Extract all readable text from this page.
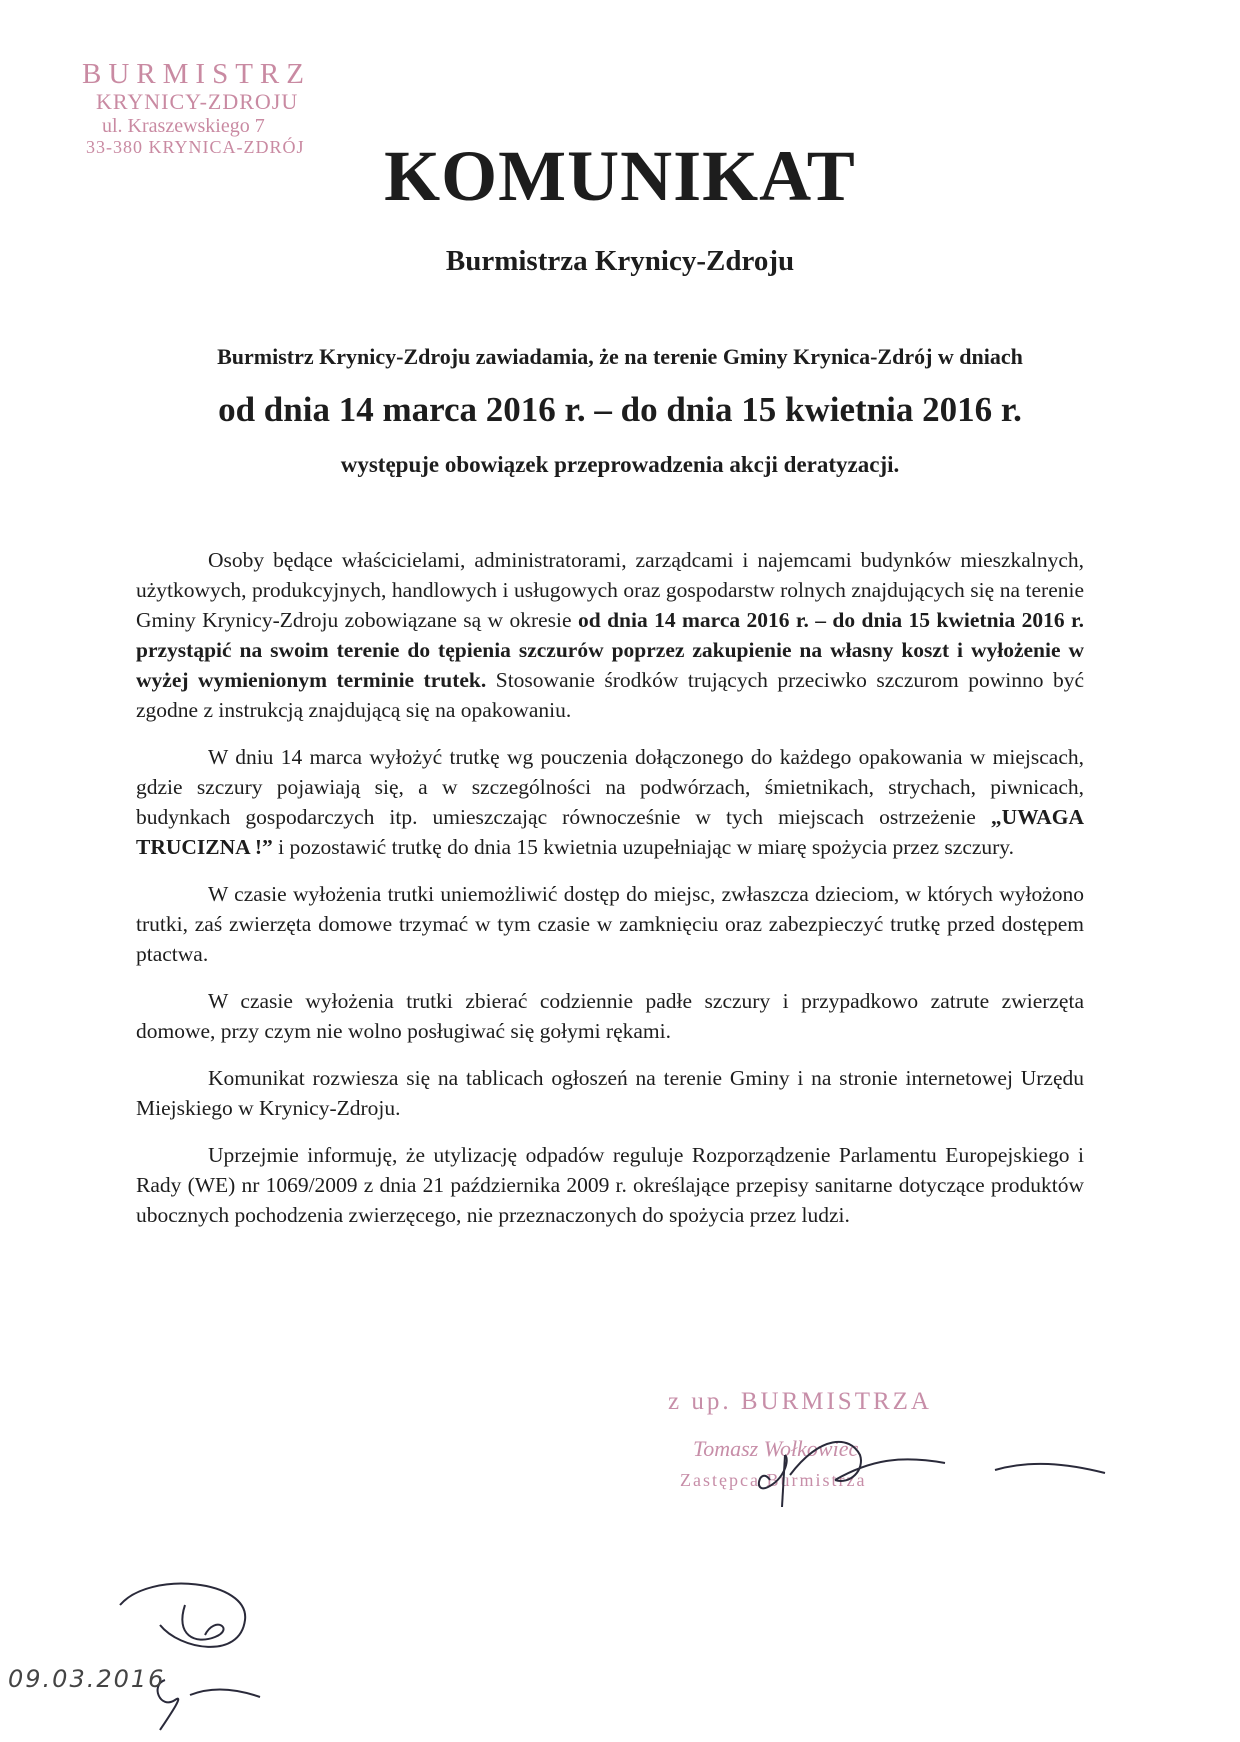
BURMISTRZ
KRYNICY-ZDROJU
ul. Kraszewskiego 7
33-380 KRYNICA-ZDRÓJ	KOMUNIKAT
Burmistrza Krynicy-Zdroju
Burmistrz Krynicy-Zdroju zawiadamia, że na terenie Gminy Krynica-Zdrój w dniach
od dnia 14 marca 2016 r. – do dnia 15 kwietnia 2016 r.
występuje obowiązek przeprowadzenia akcji deratyzacji.

Osoby będące właścicielami, administratorami, zarządcami i najemcami budynków mieszkalnych, użytkowych, produkcyjnych, handlowych i usługowych oraz gospodarstw rolnych znajdujących się na terenie Gminy Krynicy-Zdroju zobowiązane są w okresie od dnia 14 marca 2016 r. – do dnia 15 kwietnia 2016 r. przystąpić na swoim terenie do tępienia szczurów poprzez zakupienie na własny koszt i wyłożenie w wyżej wymienionym terminie trutek. Stosowanie środków trujących przeciwko szczurom powinno być zgodne z instrukcją znajdującą się na opakowaniu.

W dniu 14 marca wyłożyć trutkę wg pouczenia dołączonego do każdego opakowania w miejscach, gdzie szczury pojawiają się, a w szczególności na podwórzach, śmietnikach, strychach, piwnicach, budynkach gospodarczych itp. umieszczając równocześnie w tych miejscach ostrzeżenie „UWAGA TRUCIZNA !” i pozostawić trutkę do dnia 15 kwietnia uzupełniając w miarę spożycia przez szczury.

W czasie wyłożenia trutki uniemożliwić dostęp do miejsc, zwłaszcza dzieciom, w których wyłożono trutki, zaś zwierzęta domowe trzymać w tym czasie w zamknięciu oraz zabezpieczyć trutkę przed dostępem ptactwa.

W czasie wyłożenia trutki zbierać codziennie padłe szczury i przypadkowo zatrute zwierzęta domowe, przy czym nie wolno posługiwać się gołymi rękami.

Komunikat rozwiesza się na tablicach ogłoszeń na terenie Gminy i na stronie internetowej Urzędu Miejskiego w Krynicy-Zdroju.

Uprzejmie informuję, że utylizację odpadów reguluje Rozporządzenie Parlamentu Europejskiego i Rady (WE) nr 1069/2009 z dnia 21 października 2009 r. określające przepisy sanitarne dotyczące produktów ubocznych pochodzenia zwierzęcego, nie przeznaczonych do spożycia przez ludzi.

z up. BURMISTRZA
Tomasz Wołkowiec
Zastępca Burmistrza
09.03.2016
